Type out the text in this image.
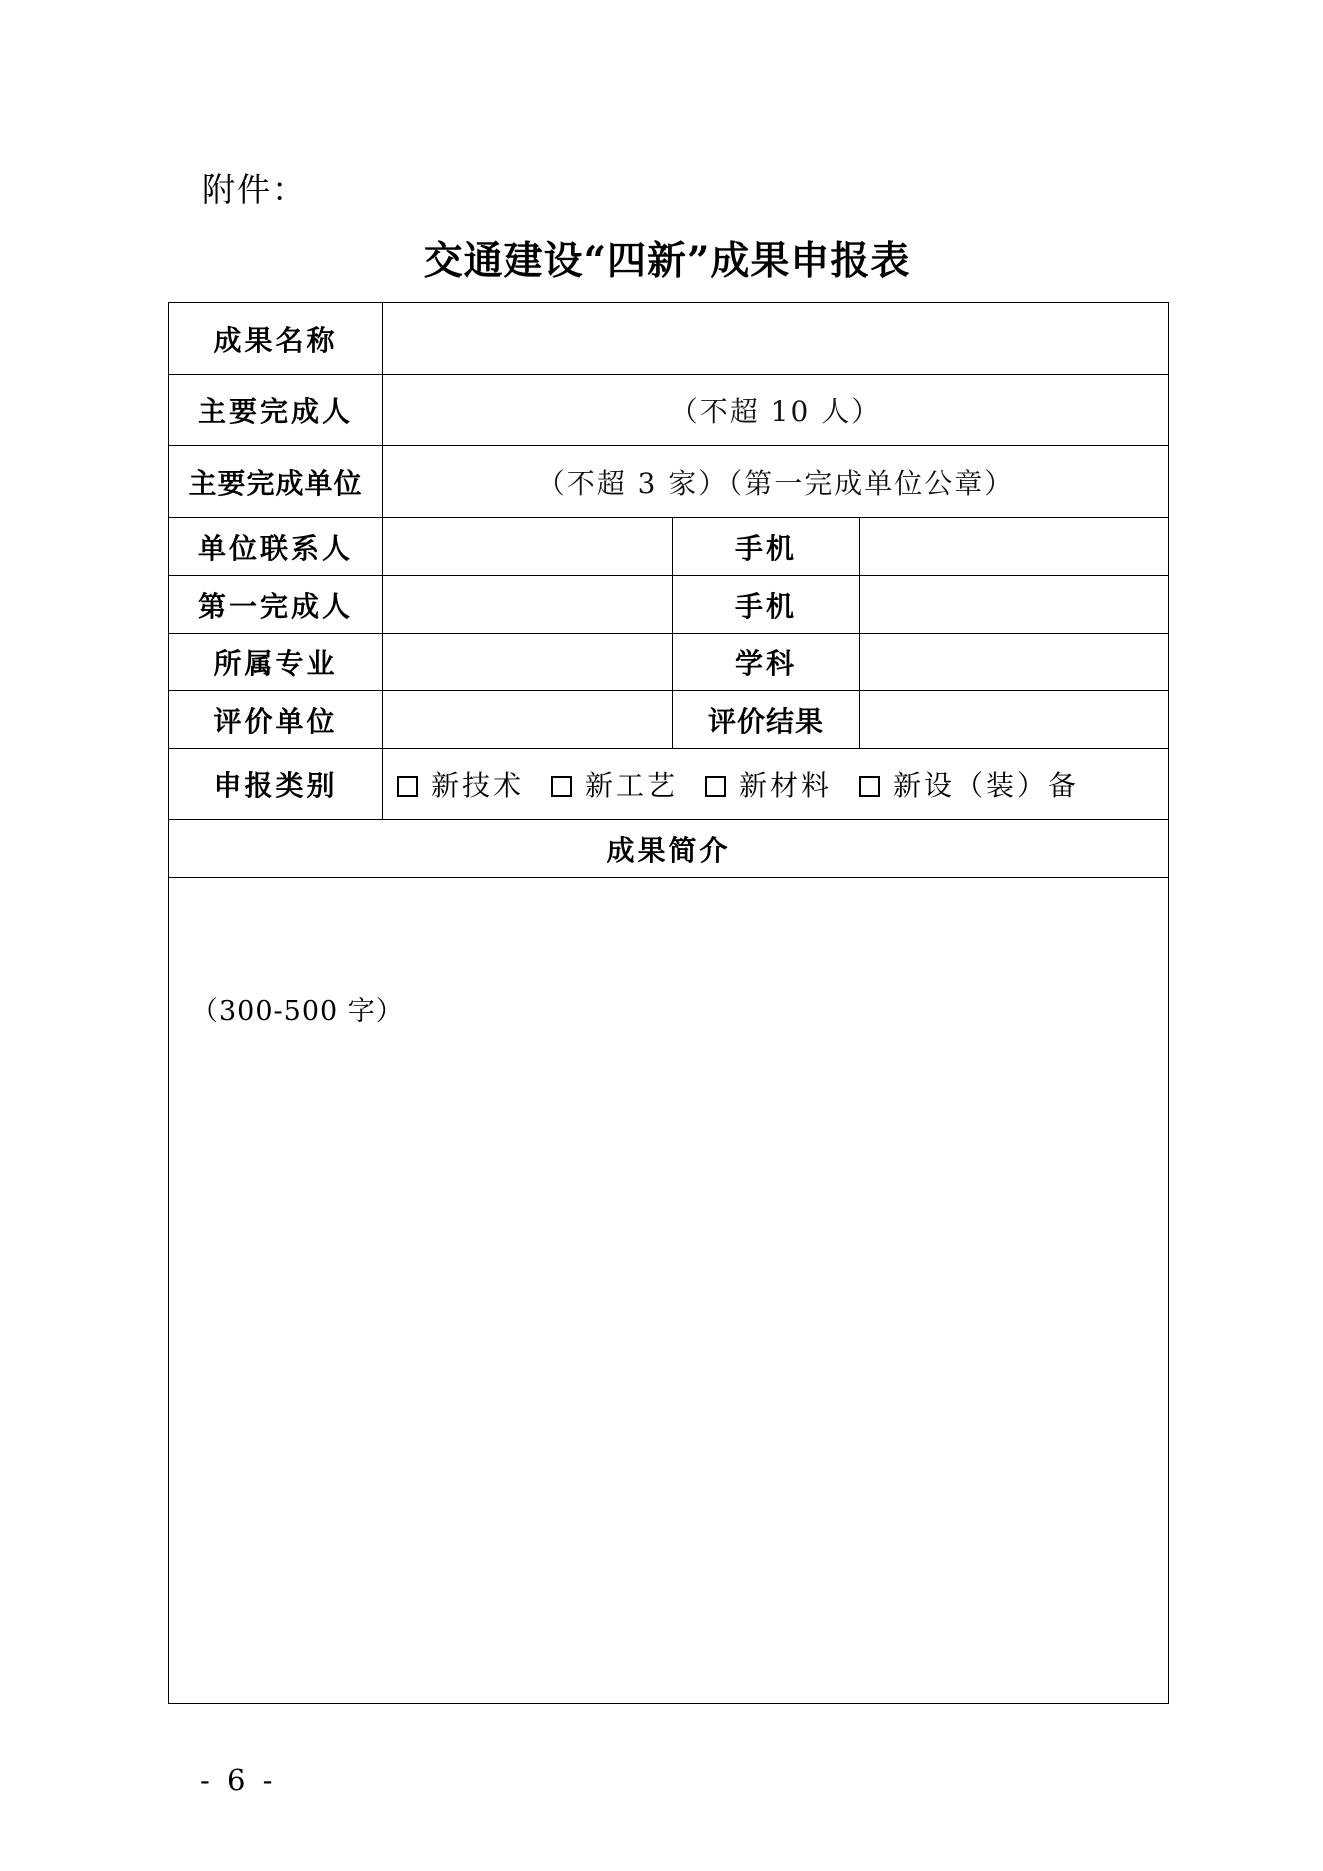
附件：
交通建设“四新”成果申报表
成果名称			
主要完成人	（不超 10 人）		
主要完成单位	（不超 3 家）（第一完成单位公章）		
单位联系人		手机	
第一完成人		手机	
所属专业		学科	
评价单位		评价结果	
申报类别	新技术 新工艺 新材料 新设（装）备		
成果简介			

（300-500 字）			
- 6 -
